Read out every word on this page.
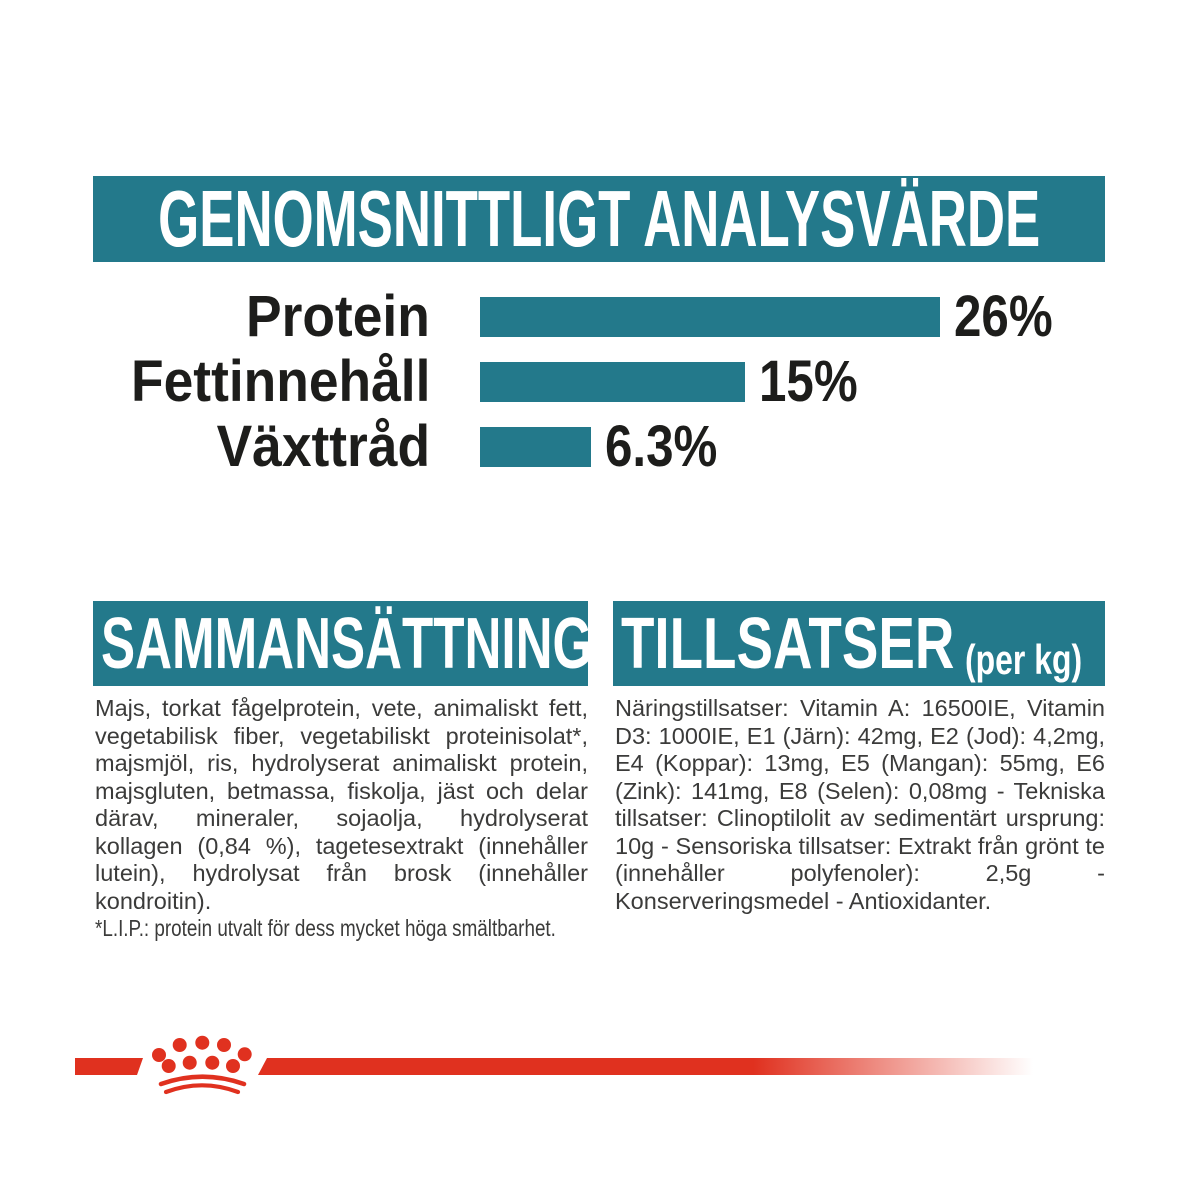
GENOMSNITTLIGT ANALYSVÄRDE
Protein	26%
Fettinnehåll	15%
Växttråd	6.3%
SAMMANSÄTTNING

Majs, torkat fågelprotein, vete, animaliskt fett, vegetabilisk fiber, vegetabiliskt proteinisolat*, majsmjöl, ris, hydrolyserat animaliskt protein, majsgluten, betmassa, fiskolja, jäst och delar därav, mineraler, sojaolja, hydrolyserat kollagen (0,84 %), tagetesextrakt (innehåller lutein), hydrolysat från brosk (innehåller kondroitin).

*L.I.P.: protein utvalt för dess mycket höga smältbarhet.

TILLSATSER (per kg)

Näringstillsatser: Vitamin A: 16500IE, Vitamin D3: 1000IE, E1 (Järn): 42mg, E2 (Jod): 4,2mg, E4 (Koppar): 13mg, E5 (Mangan): 55mg, E6 (Zink): 141mg, E8 (Selen): 0,08mg - Tekniska tillsatser: Clinoptilolit av sedimentärt ursprung: 10g - Sensoriska tillsatser: Extrakt från grönt te (innehåller polyfenoler): 2,5g - Konserveringsmedel - Antioxidanter.
